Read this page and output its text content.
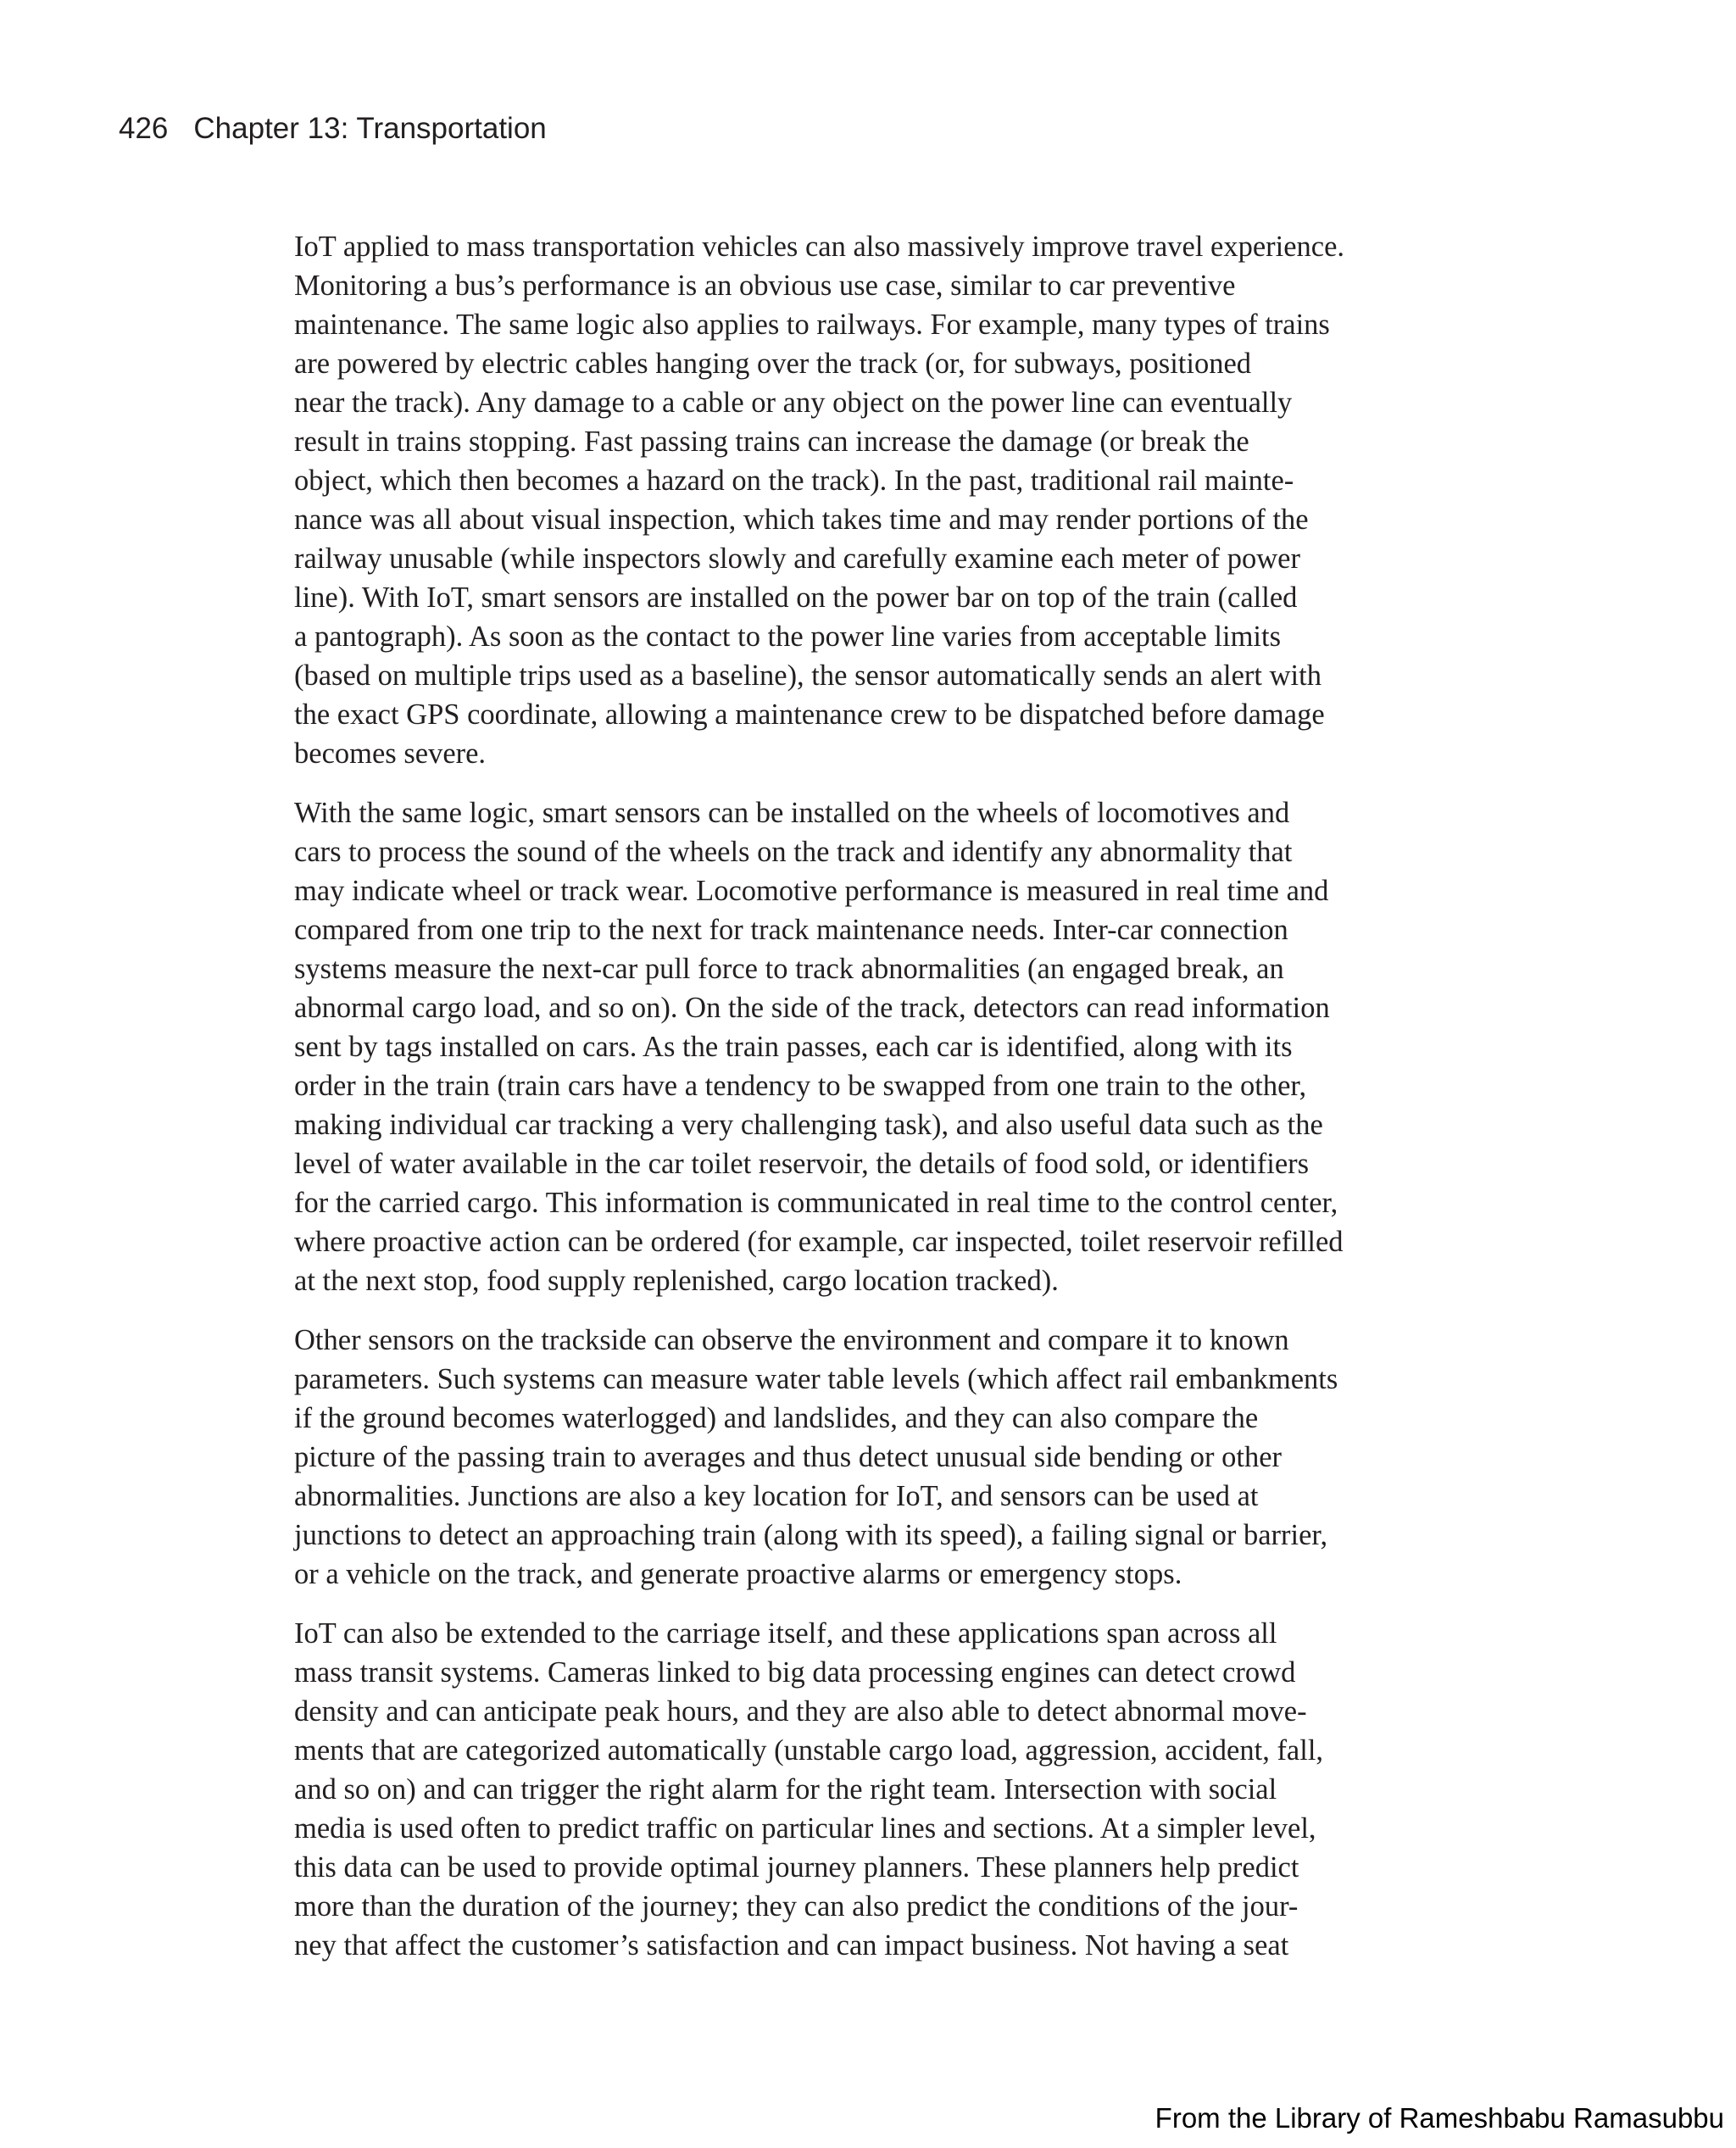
426 Chapter 13: Transportation

IoT applied to mass transportation vehicles can also massively improve travel experience.
Monitoring a bus’s performance is an obvious use case, similar to car preventive
maintenance. The same logic also applies to railways. For example, many types of trains
are powered by electric cables hanging over the track (or, for subways, positioned
near the track). Any damage to a cable or any object on the power line can eventually
result in trains stopping. Fast passing trains can increase the damage (or break the
object, which then becomes a hazard on the track). In the past, traditional rail mainte-
nance was all about visual inspection, which takes time and may render portions of the
railway unusable (while inspectors slowly and carefully examine each meter of power
line). With IoT, smart sensors are installed on the power bar on top of the train (called
a pantograph). As soon as the contact to the power line varies from acceptable limits
(based on multiple trips used as a baseline), the sensor automatically sends an alert with
the exact GPS coordinate, allowing a maintenance crew to be dispatched before damage
becomes severe.

With the same logic, smart sensors can be installed on the wheels of locomotives and
cars to process the sound of the wheels on the track and identify any abnormality that
may indicate wheel or track wear. Locomotive performance is measured in real time and
compared from one trip to the next for track maintenance needs. Inter-car connection
systems measure the next-car pull force to track abnormalities (an engaged break, an
abnormal cargo load, and so on). On the side of the track, detectors can read information
sent by tags installed on cars. As the train passes, each car is identified, along with its
order in the train (train cars have a tendency to be swapped from one train to the other,
making individual car tracking a very challenging task), and also useful data such as the
level of water available in the car toilet reservoir, the details of food sold, or identifiers
for the carried cargo. This information is communicated in real time to the control center,
where proactive action can be ordered (for example, car inspected, toilet reservoir refilled
at the next stop, food supply replenished, cargo location tracked).

Other sensors on the trackside can observe the environment and compare it to known
parameters. Such systems can measure water table levels (which affect rail embankments
if the ground becomes waterlogged) and landslides, and they can also compare the
picture of the passing train to averages and thus detect unusual side bending or other
abnormalities. Junctions are also a key location for IoT, and sensors can be used at
junctions to detect an approaching train (along with its speed), a failing signal or barrier,
or a vehicle on the track, and generate proactive alarms or emergency stops.

IoT can also be extended to the carriage itself, and these applications span across all
mass transit systems. Cameras linked to big data processing engines can detect crowd
density and can anticipate peak hours, and they are also able to detect abnormal move-
ments that are categorized automatically (unstable cargo load, aggression, accident, fall,
and so on) and can trigger the right alarm for the right team. Intersection with social
media is used often to predict traffic on particular lines and sections. At a simpler level,
this data can be used to provide optimal journey planners. These planners help predict
more than the duration of the journey; they can also predict the conditions of the jour-
ney that affect the customer’s satisfaction and can impact business. Not having a seat

From the Library of Rameshbabu Ramasubbu
